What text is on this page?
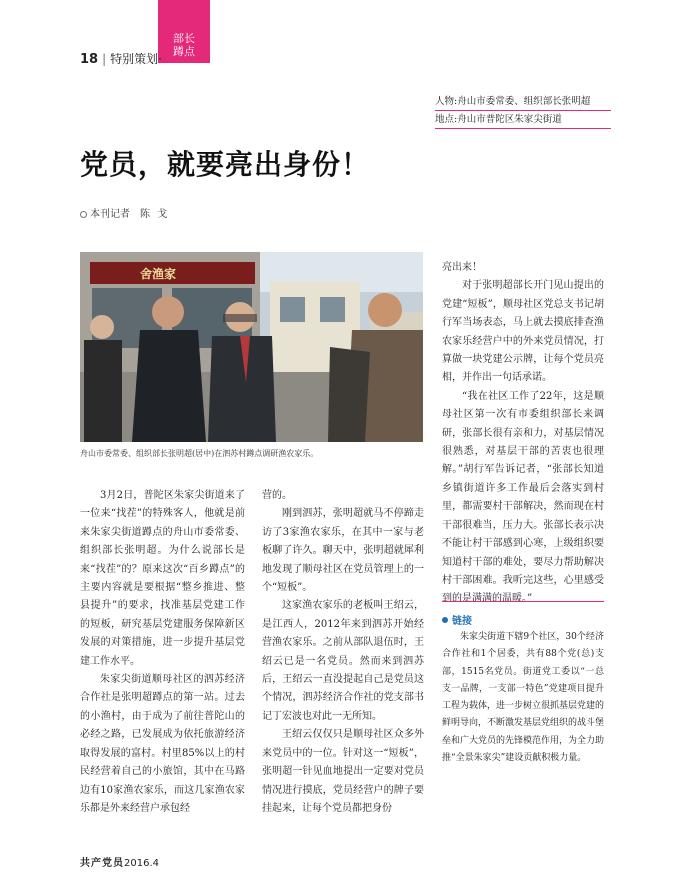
部长
蹲点
18 | 特别策划·
人物:舟山市委常委、组织部长张明超
地点:舟山市普陀区朱家尖街道
党员，就要亮出身份！
本刊记者 陈 戈
舍渔家
舟山市委常委、组织部长张明超(居中)在泗苏村蹲点调研渔农家乐。

3月2日，普陀区朱家尖街道来了一位来“找茬”的特殊客人，他就是前来朱家尖街道蹲点的舟山市委常委、组织部长张明超。为什么说部长是来“找茬”的？原来这次“百乡蹲点”的主要内容就是要根据“整乡推进、整县提升”的要求，找准基层党建工作的短板，研究基层党建服务保障新区发展的对策措施，进一步提升基层党建工作水平。

朱家尖街道顺母社区的泗苏经济合作社是张明超蹲点的第一站。过去的小渔村，由于成为了前往普陀山的必经之路，已发展成为依托旅游经济取得发展的富村。村里85%以上的村民经营着自己的小旅馆，其中在马路边有10家渔农家乐，而这几家渔农家乐都是外来经营户承包经

营的。

刚到泗苏，张明超就马不停蹄走访了3家渔农家乐，在其中一家与老板聊了许久。聊天中，张明超就犀利地发现了顺母社区在党员管理上的一个“短板”。

这家渔农家乐的老板叫王绍云，是江西人，2012年来到泗苏开始经营渔农家乐。之前从部队退伍时，王绍云已是一名党员。然而来到泗苏后，王绍云一直没提起自己是党员这个情况，泗苏经济合作社的党支部书记丁宏波也对此一无所知。

王绍云仅仅只是顺母社区众多外来党员中的一位。针对这一“短板”，张明超一针见血地提出一定要对党员情况进行摸底，党员经营户的牌子要挂起来，让每个党员都把身份

亮出来！

对于张明超部长开门见山提出的党建“短板”，顺母社区党总支书记胡行军当场表态，马上就去摸底排查渔农家乐经营户中的外来党员情况，打算做一块党建公示牌，让每个党员亮相，并作出一句话承诺。

“我在社区工作了22年，这是顺母社区第一次有市委组织部长来调研，张部长很有亲和力，对基层情况很熟悉，对基层干部的苦衷也很理解。”胡行军告诉记者，“张部长知道乡镇街道许多工作最后会落实到村里，都需要村干部解决，然而现在村干部很难当，压力大。张部长表示决不能让村干部感到心寒，上级组织要知道村干部的难处，要尽力帮助解决村干部困难。我听完这些，心里感受到的是满满的温暖。”

链接

朱家尖街道下辖9个社区，30个经济合作社和1个居委，共有88个党(总)支部，1515名党员。街道党工委以“一总支一品牌，一支部一特色”党建项目提升工程为载体，进一步树立很抓基层党建的鲜明导向，不断激发基层党组织的战斗堡垒和广大党员的先锋模范作用，为全力助推“全景朱家尖”建设贡献积极力量。

共产党员2016.4
